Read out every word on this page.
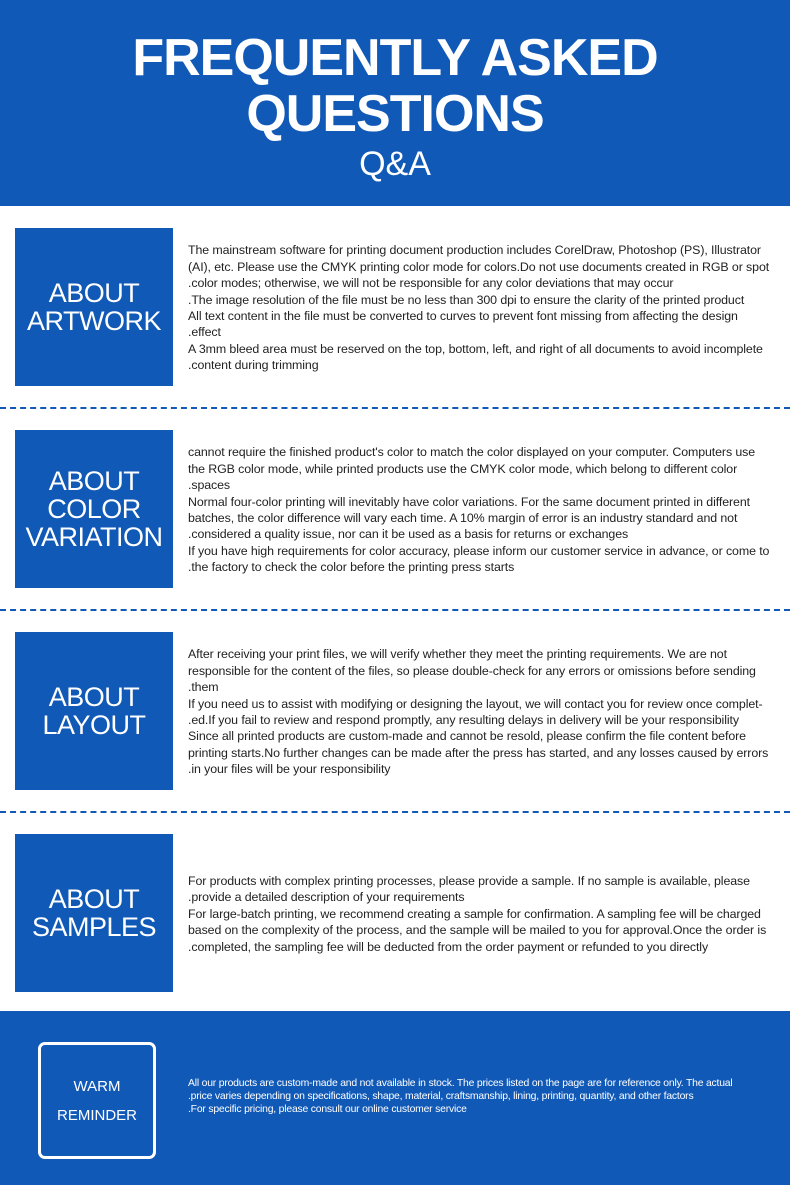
FREQUENTLY ASKED
QUESTIONS
Q&A
ABOUT
ARTWORK

The mainstream software for printing document production includes CorelDraw, Photoshop (PS), Illustrator

(AI), etc. Please use the CMYK printing color mode for colors.Do not use documents created in RGB or spot

.color modes; otherwise, we will not be responsible for any color deviations that may occur

.The image resolution of the file must be no less than 300 dpi to ensure the clarity of the printed product

All text content in the file must be converted to curves to prevent font missing from affecting the design

.effect

A 3mm bleed area must be reserved on the top, bottom, left, and right of all documents to avoid incomplete

.content during trimming

ABOUT
COLOR
VARIATION

cannot require the finished product's color to match the color displayed on your computer. Computers use

the RGB color mode, while printed products use the CMYK color mode, which belong to different color

.spaces

Normal four-color printing will inevitably have color variations. For the same document printed in different

batches, the color difference will vary each time. A 10% margin of error is an industry standard and not

.considered a quality issue, nor can it be used as a basis for returns or exchanges

If you have high requirements for color accuracy, please inform our customer service in advance, or come to

.the factory to check the color before the printing press starts

ABOUT
LAYOUT

After receiving your print files, we will verify whether they meet the printing requirements. We are not

responsible for the content of the files, so please double-check for any errors or omissions before sending

.them

If you need us to assist with modifying or designing the layout, we will contact you for review once complet-

.ed.If you fail to review and respond promptly, any resulting delays in delivery will be your responsibility

Since all printed products are custom-made and cannot be resold, please confirm the file content before

printing starts.No further changes can be made after the press has started, and any losses caused by errors

.in your files will be your responsibility

ABOUT
SAMPLES

For products with complex printing processes, please provide a sample. If no sample is available, please

.provide a detailed description of your requirements

For large-batch printing, we recommend creating a sample for confirmation. A sampling fee will be charged

based on the complexity of the process, and the sample will be mailed to you for approval.Once the order is

.completed, the sampling fee will be deducted from the order payment or refunded to you directly

WARM
REMINDER

All our products are custom-made and not available in stock. The prices listed on the page are for reference only. The actual

.price varies depending on specifications, shape, material, craftsmanship, lining, printing, quantity, and other factors

.For specific pricing, please consult our online customer service
